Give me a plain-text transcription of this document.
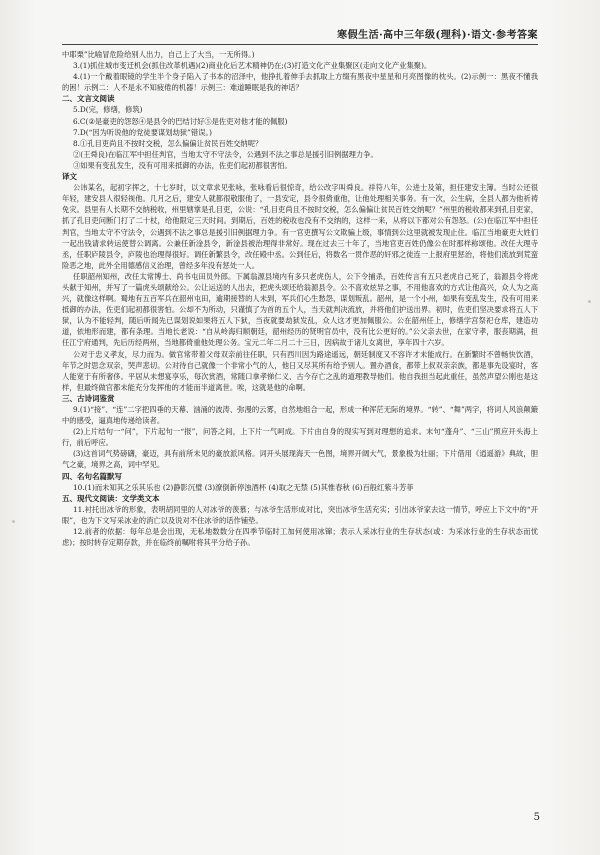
寒假生活·高中三年级(理科)·语文·参考答案

中耶栗”比喻冒危险给别人出力，自己上了大当，一无所得。)

3.(1)抓住城市变迁机会(抓住改革机遇)(2)商业化后艺术精神仍在;(3)打造文化产业集聚区(走向文化产业集聚)。

4.(1)一个戴着眼镜的学生半个身子陷入了书本的沼泽中，他挣扎着伸手去抓取上方缀有黑夜中星星和月亮图像的枕头。(2)示例一：黑夜不懂我的困！示例二：人不是永不知疲倦的机器！示例三：难道睡眠是我的神话？

二、文言文阅读

5.D(完，修缮，修筑)

6.C(②是豪吏的怨怒④是县令的巴结讨好⑤是佐吏对他才能的佩服)

7.D(“因为听说他的党徒要谋划劫狱”错误。)

8.①孔目吏尚且不按时交税，怎么偏偏让贫民百姓交纳呢？

②(王舜良)在临江军中担任判官，当地太守不守法令，公遇到不法之事总是援引旧例据理力争。

③如果有变乱发生，没有可用来抵御的办法，佐吏们起初都很害怕。

译文

公讳某名，起初字挥之，十七岁时，以文章求见张咏，张咏看后很惊奇，给公改字叫舜良。祥符八年，公进士及第，担任建安主簿。当时公还很年轻，建安县人很轻视他。几月之后，建安人就都很敬服他了，一县安定，县令很倚重他，让他处理相关事务。有一次，公生病，全县人都为他祈祷免灾。县里有人长期不交纳税收，州里辖掌是孔目吏，公说：“孔目吏尚且不按时交税，怎么偏偏让贫民百姓交纳呢？”州里的税收都来到孔目吏家，抓了孔目吏问断门打了二十杖，给他限定三天时间。到期后，百姓的税收也没有不交纳的，这样一来，从将以下都对公有怨怒。(公)在临江军中担任判官，当地太守不守法令，公遇到不法之事总是援引旧例据理力争。有一官吏撰写公文欺骗上级，事情到公这里就被发现止住。临江当地豪吏大姓们一起出钱请求转运使替公调离。公兼任新淦县令，新淦县被治理得非常好。现在过去三十年了，当地官吏百姓仍像公在时那样称颂他。改任大理寺丞，任职庐陵县令，庐陵也治理得很好。调任新繁县令，改任殿中丞。公到任后，将数名一贯作恶的奸邪之徒连一上报府里惩治，将他们流放到荒蛮险恶之地，此外全用德感信义治理，曾经多年没有惩处一人。

任职韶州知州，改任太常博士、尚书屯田员外郎。下属翁源县境内有多只老虎伤人，公下令捕杀，百姓传言有五只老虎自己死了，翁源县令将虎头献于知州，并写了一篇虎头颂献给公。公让运送的人出去，把虎头颂还给翁源县令。公不喜欢炫异之事，不用他喜欢的方式让他高兴，众人为之高兴，就像这样啊。蜀地有五百军兵在韶州屯田，逾期接替的人未到，军兵们心生愁怨，谋划叛乱。韶州，是一个小州，如果有变乱发生，没有可用来抵御的办法，佐吏们起初都很害怕。公却不为所动，只谨慎了为首的五个人，当天就判决流放，并将他们护送出界。初时，佐吏们坚决要求将五人下狱，认为不能轻判，随后听闻先已谋划说如果将五人下狱，当夜就要劫狱发乱，众人这才更加佩服公。公在韶州任上，修缮学宫祭祀仓库，建造功道，依地形而建，都有条理。当地长老说：“自从岭海归顺朝廷，韶州经历的贤明官员中，没有比公更好的。”公父亲去世，在家守孝，服丧期满，担任江宁府通判，先后历经两州，当地都倚重他处理公务。宝元二年二月二十三日，因病故于诸儿女离世，享年四十六岁。

公对于忠义孝友，尽力而为。做官常带着父母双亲前往任职，只有西川因为路途遥远，朝廷制度又不容许才未能成行。在新繁时不曾畅快饮酒，年节之时思念双亲，哭声悲切。公对待自己就像一个非常小气的人，他日又尽其所有给予别人。置办酒食，都带上叔双亲亲族，都是事先设宴时，客人能宽于有所奢侈。平居从未想宴享乐，每次赏酒，常随口拿孝悌仁义、古今存亡之乱的道理教导他们。他自我担当起此重任，虽然声望公刚也是这样，但最终做官都未能充分发挥他的才能而半道离世。唉，这就是他的命啊。

三、古诗词鉴赏

9.(1)“接”、“连”二字把四垂的天幕、汹涌的波涛、弥漫的云雾，自然地组合一起，形成一种浑茫无际的境界。“转”、“舞”两字，将词人风浪颠簸中的感受，逼真地传递给读者。

(2)上片结句一“问”，下片起句一“报”，问答之间，上下片一气呵成。下片由自身的现实写到对理想的追求。末句“蓬舟”、“三山”照应开头海上行，前后呼应。

(3)这首词气势磅礴，豪迈，具有前所未见的豪放派风格。词开头展现海天一色图，境界开阔大气，景象极为壮丽；下片借用《逍遥游》典故，胆气之豪，境界之高，词中罕见。

四、名句名篇默写

10.(1)而未知其之乐其乐也 (2)静影沉璧 (3)潦倒新停浊酒杯 (4)取之无禁 (5)其惟春秋 (6)百般红紫斗芳菲

五、现代文阅读：文学类文本

11.衬托出冰爷的形象，表明胡同里的人对冰爷的羡慕；与冰爷生活形成对比，突出冰爷生活充实；引出冰爷家去这一情节，呼应上下文中的“开眼”，也为下文写采冰业的消亡以及说对不住冰爷的话作铺垫。

12.前者的依据：每年总是会出现，无私地数数分在四季节临时工加何使用冰镩；表示人采冰行业的生存状态(或：为采冰行业的生存状态而忧虑)；按时转存定期存款，并在临终前嘱咐将其平分给子孙。

5
